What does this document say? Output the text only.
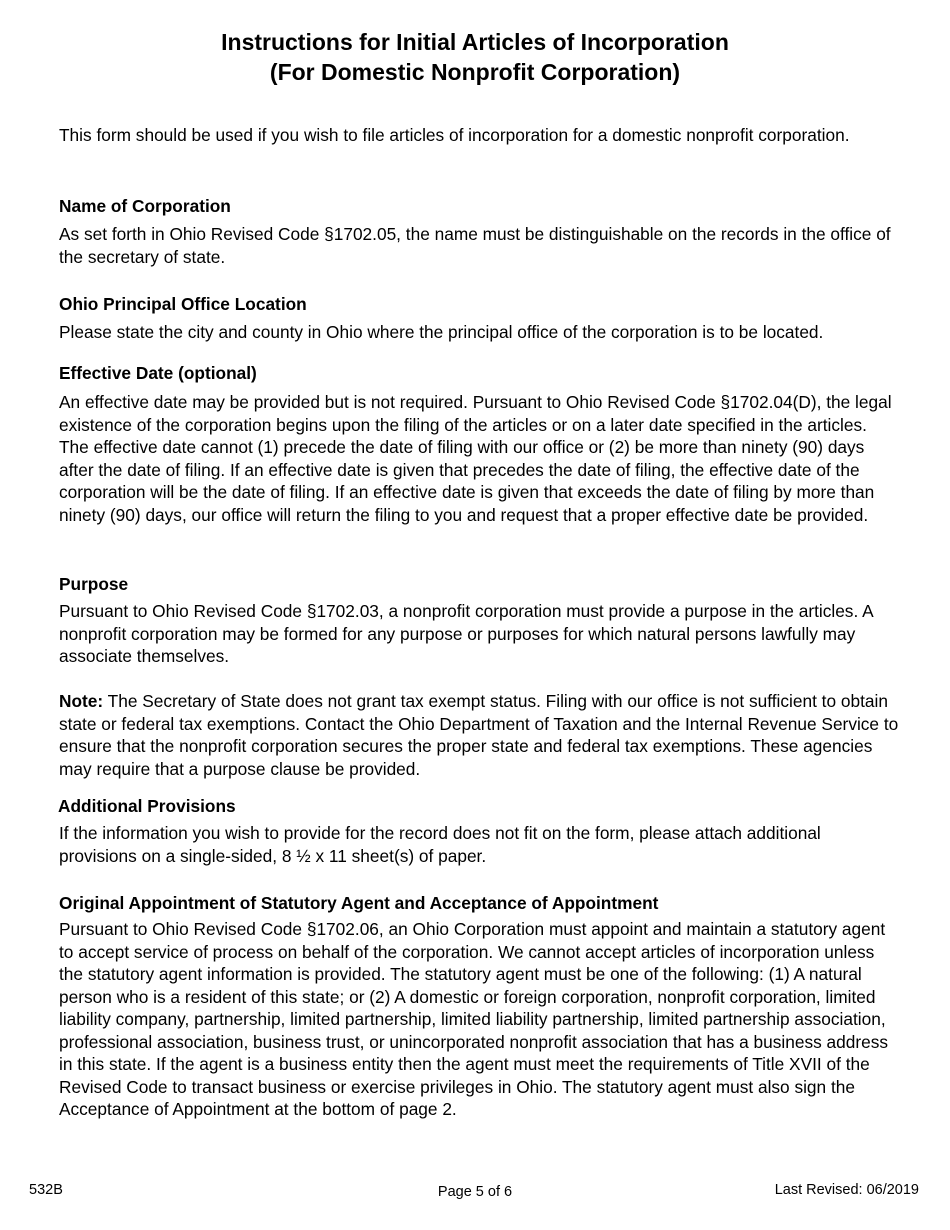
Instructions for Initial Articles of Incorporation
(For Domestic Nonprofit Corporation)

This form should be used if you wish to file articles of incorporation for a domestic nonprofit corporation.

Name of Corporation

As set forth in Ohio Revised Code §1702.05, the name must be distinguishable on the records in the office of the secretary of state.

Ohio Principal Office Location

Please state the city and county in Ohio where the principal office of the corporation is to be located.

Effective Date (optional)

An effective date may be provided but is not required. Pursuant to Ohio Revised Code §1702.04(D), the legal existence of the corporation begins upon the filing of the articles or on a later date specified in the articles. The effective date cannot (1) precede the date of filing with our office or (2) be more than ninety (90) days after the date of filing. If an effective date is given that precedes the date of filing, the effective date of the corporation will be the date of filing. If an effective date is given that exceeds the date of filing by more than ninety (90) days, our office will return the filing to you and request that a proper effective date be provided.

Purpose

Pursuant to Ohio Revised Code §1702.03, a nonprofit corporation must provide a purpose in the articles. A nonprofit corporation may be formed for any purpose or purposes for which natural persons lawfully may associate themselves.

Note: The Secretary of State does not grant tax exempt status. Filing with our office is not sufficient to obtain state or federal tax exemptions. Contact the Ohio Department of Taxation and the Internal Revenue Service to ensure that the nonprofit corporation secures the proper state and federal tax exemptions. These agencies may require that a purpose clause be provided.

Additional Provisions

If the information you wish to provide for the record does not fit on the form, please attach additional provisions on a single-sided, 8 ½ x 11 sheet(s) of paper.

Original Appointment of Statutory Agent and Acceptance of Appointment

Pursuant to Ohio Revised Code §1702.06, an Ohio Corporation must appoint and maintain a statutory agent to accept service of process on behalf of the corporation. We cannot accept articles of incorporation unless the statutory agent information is provided. The statutory agent must be one of the following: (1) A natural person who is a resident of this state; or (2) A domestic or foreign corporation, nonprofit corporation, limited liability company, partnership, limited partnership, limited liability partnership, limited partnership association, professional association, business trust, or unincorporated nonprofit association that has a business address in this state. If the agent is a business entity then the agent must meet the requirements of Title XVII of the Revised Code to transact business or exercise privileges in Ohio. The statutory agent must also sign the Acceptance of Appointment at the bottom of page 2.

532B	Page 5 of 6	Last Revised: 06/2019
